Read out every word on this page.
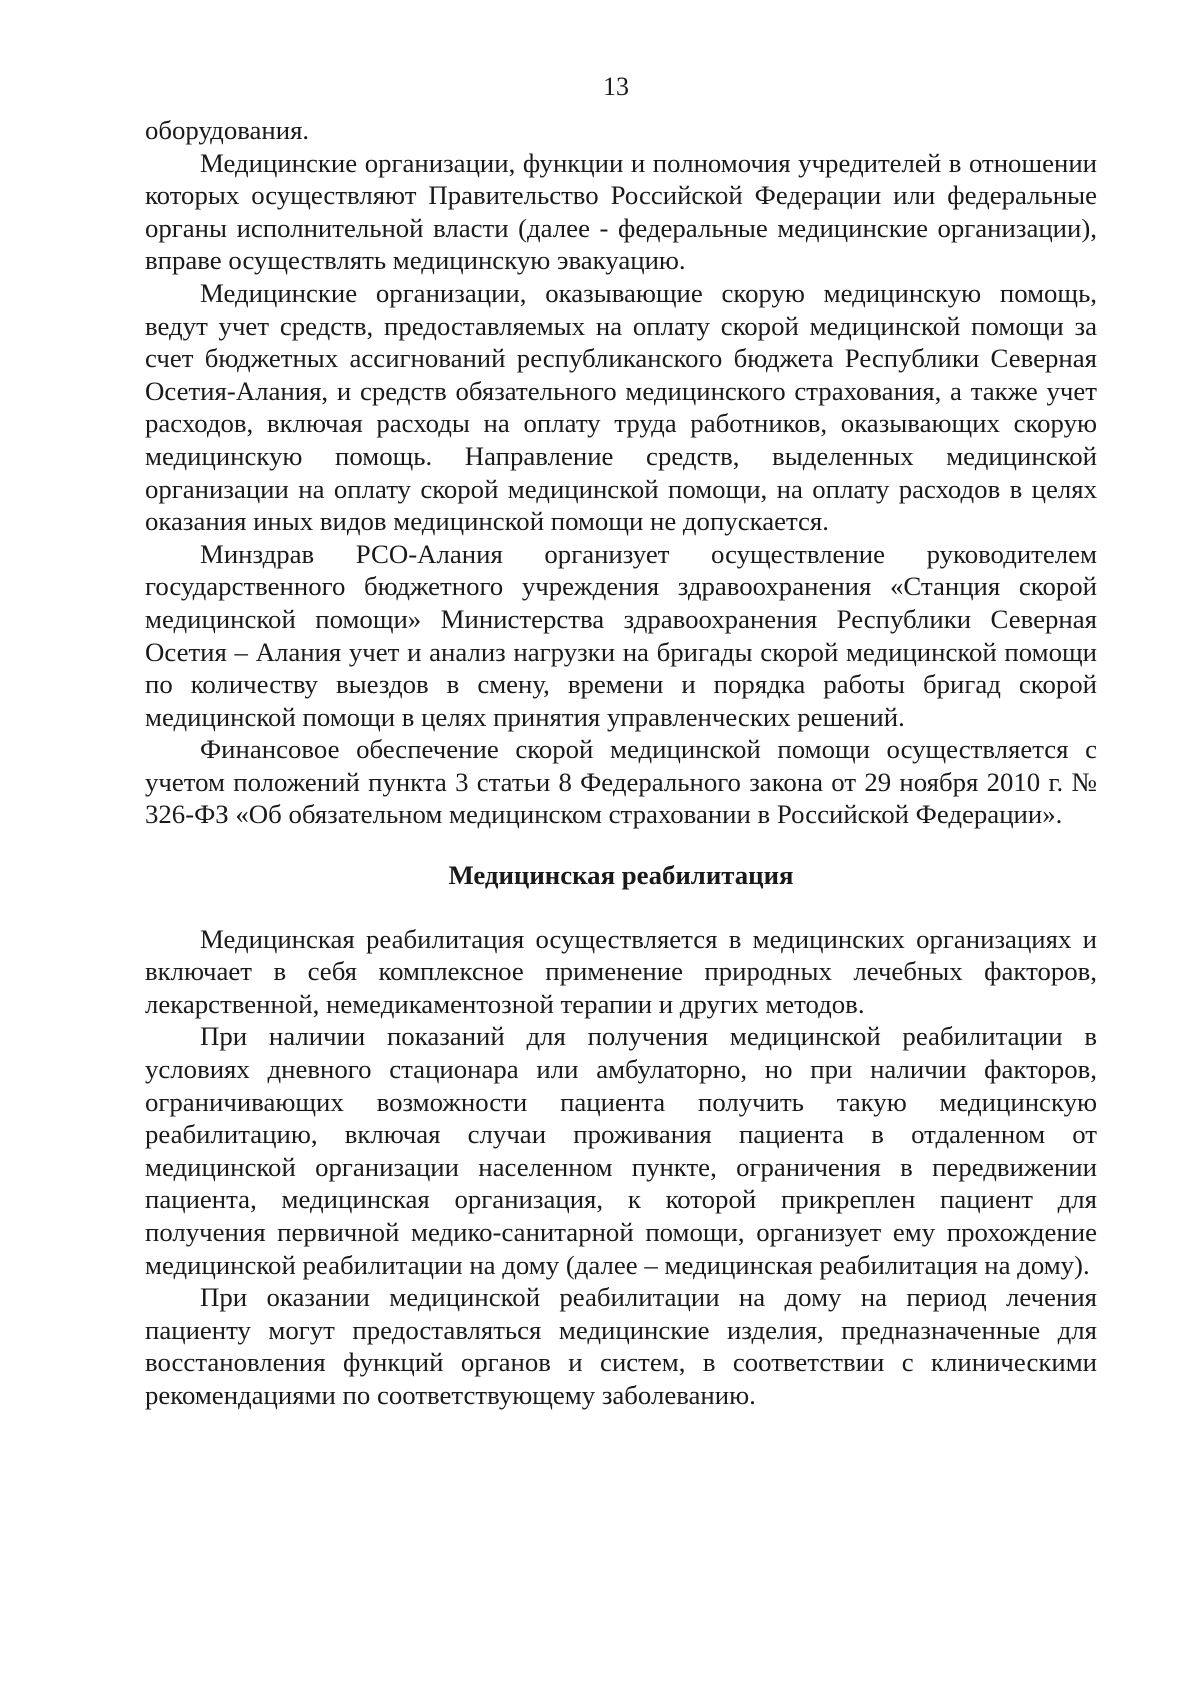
13

оборудования.

Медицинские организации, функции и полномочия учредителей в отношении которых осуществляют Правительство Российской Федерации или федеральные органы исполнительной власти (далее - федеральные медицинские организации), вправе осуществлять медицинскую эвакуацию.

Медицинские организации, оказывающие скорую медицинскую помощь, ведут учет средств, предоставляемых на оплату скорой медицинской помощи за счет бюджетных ассигнований республиканского бюджета Республики Северная Осетия-Алания, и средств обязательного медицинского страхования, а также учет расходов, включая расходы на оплату труда работников, оказывающих скорую медицинскую помощь. Направление средств, выделенных медицинской организации на оплату скорой медицинской помощи, на оплату расходов в целях оказания иных видов медицинской помощи не допускается.

Минздрав РСО-Алания организует осуществление руководителем государственного бюджетного учреждения здравоохранения «Станция скорой медицинской помощи» Министерства здравоохранения Республики Северная Осетия – Алания учет и анализ нагрузки на бригады скорой медицинской помощи по количеству выездов в смену, времени и порядка работы бригад скорой медицинской помощи в целях принятия управленческих решений.

Финансовое обеспечение скорой медицинской помощи осуществляется с учетом положений пункта 3 статьи 8 Федерального закона от 29 ноября 2010 г. № 326-ФЗ «Об обязательном медицинском страховании в Российской Федерации».

Медицинская реабилитация

Медицинская реабилитация осуществляется в медицинских организациях и включает в себя комплексное применение природных лечебных факторов, лекарственной, немедикаментозной терапии и других методов.

При наличии показаний для получения медицинской реабилитации в условиях дневного стационара или амбулаторно, но при наличии факторов, ограничивающих возможности пациента получить такую медицинскую реабилитацию, включая случаи проживания пациента в отдаленном от медицинской организации населенном пункте, ограничения в передвижении пациента, медицинская организация, к которой прикреплен пациент для получения первичной медико-санитарной помощи, организует ему прохождение медицинской реабилитации на дому (далее – медицинская реабилитация на дому).

При оказании медицинской реабилитации на дому на период лечения пациенту могут предоставляться медицинские изделия, предназначенные для восстановления функций органов и систем, в соответствии с клиническими рекомендациями по соответствующему заболеванию.
